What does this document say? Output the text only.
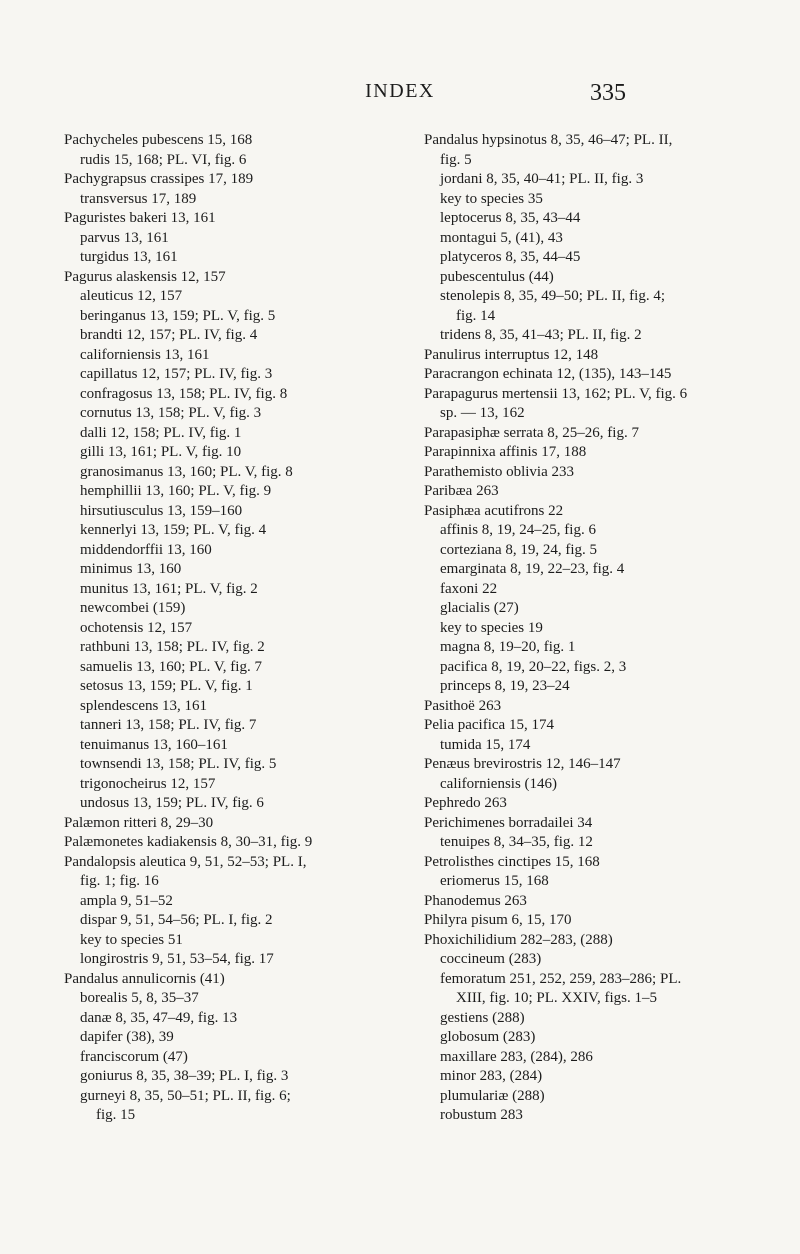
INDEX	335
Pachycheles pubescens 15, 168
rudis 15, 168; PL. VI, fig. 6
Pachygrapsus crassipes 17, 189
transversus 17, 189
Paguristes bakeri 13, 161
parvus 13, 161
turgidus 13, 161
Pagurus alaskensis 12, 157
aleuticus 12, 157
beringanus 13, 159; PL. V, fig. 5
brandti 12, 157; PL. IV, fig. 4
californiensis 13, 161
capillatus 12, 157; PL. IV, fig. 3
confragosus 13, 158; PL. IV, fig. 8
cornutus 13, 158; PL. V, fig. 3
dalli 12, 158; PL. IV, fig. 1
gilli 13, 161; PL. V, fig. 10
granosimanus 13, 160; PL. V, fig. 8
hemphillii 13, 160; PL. V, fig. 9
hirsutiusculus 13, 159–160
kennerlyi 13, 159; PL. V, fig. 4
middendorffii 13, 160
minimus 13, 160
munitus 13, 161; PL. V, fig. 2
newcombei (159)
ochotensis 12, 157
rathbuni 13, 158; PL. IV, fig. 2
samuelis 13, 160; PL. V, fig. 7
setosus 13, 159; PL. V, fig. 1
splendescens 13, 161
tanneri 13, 158; PL. IV, fig. 7
tenuimanus 13, 160–161
townsendi 13, 158; PL. IV, fig. 5
trigonocheirus 12, 157
undosus 13, 159; PL. IV, fig. 6
Palæmon ritteri 8, 29–30
Palæmonetes kadiakensis 8, 30–31, fig. 9
Pandalopsis aleutica 9, 51, 52–53; PL. I,
fig. 1; fig. 16
ampla 9, 51–52
dispar 9, 51, 54–56; PL. I, fig. 2
key to species 51
longirostris 9, 51, 53–54, fig. 17
Pandalus annulicornis (41)
borealis 5, 8, 35–37
danæ 8, 35, 47–49, fig. 13
dapifer (38), 39
franciscorum (47)
goniurus 8, 35, 38–39; PL. I, fig. 3
gurneyi 8, 35, 50–51; PL. II, fig. 6;
fig. 15
Pandalus hypsinotus 8, 35, 46–47; PL. II,
fig. 5
jordani 8, 35, 40–41; PL. II, fig. 3
key to species 35
leptocerus 8, 35, 43–44
montagui 5, (41), 43
platyceros 8, 35, 44–45
pubescentulus (44)
stenolepis 8, 35, 49–50; PL. II, fig. 4;
fig. 14
tridens 8, 35, 41–43; PL. II, fig. 2
Panulirus interruptus 12, 148
Paracrangon echinata 12, (135), 143–145
Parapagurus mertensii 13, 162; PL. V, fig. 6
sp. — 13, 162
Parapasiphæ serrata 8, 25–26, fig. 7
Parapinnixa affinis 17, 188
Parathemisto oblivia 233
Paribæa 263
Pasiphæa acutifrons 22
affinis 8, 19, 24–25, fig. 6
corteziana 8, 19, 24, fig. 5
emarginata 8, 19, 22–23, fig. 4
faxoni 22
glacialis (27)
key to species 19
magna 8, 19–20, fig. 1
pacifica 8, 19, 20–22, figs. 2, 3
princeps 8, 19, 23–24
Pasithoë 263
Pelia pacifica 15, 174
tumida 15, 174
Penæus brevirostris 12, 146–147
californiensis (146)
Pephredo 263
Perichimenes borradailei 34
tenuipes 8, 34–35, fig. 12
Petrolisthes cinctipes 15, 168
eriomerus 15, 168
Phanodemus 263
Philyra pisum 6, 15, 170
Phoxichilidium 282–283, (288)
coccineum (283)
femoratum 251, 252, 259, 283–286; PL.
XIII, fig. 10; PL. XXIV, figs. 1–5
gestiens (288)
globosum (283)
maxillare 283, (284), 286
minor 283, (284)
plumulariæ (288)
robustum 283
